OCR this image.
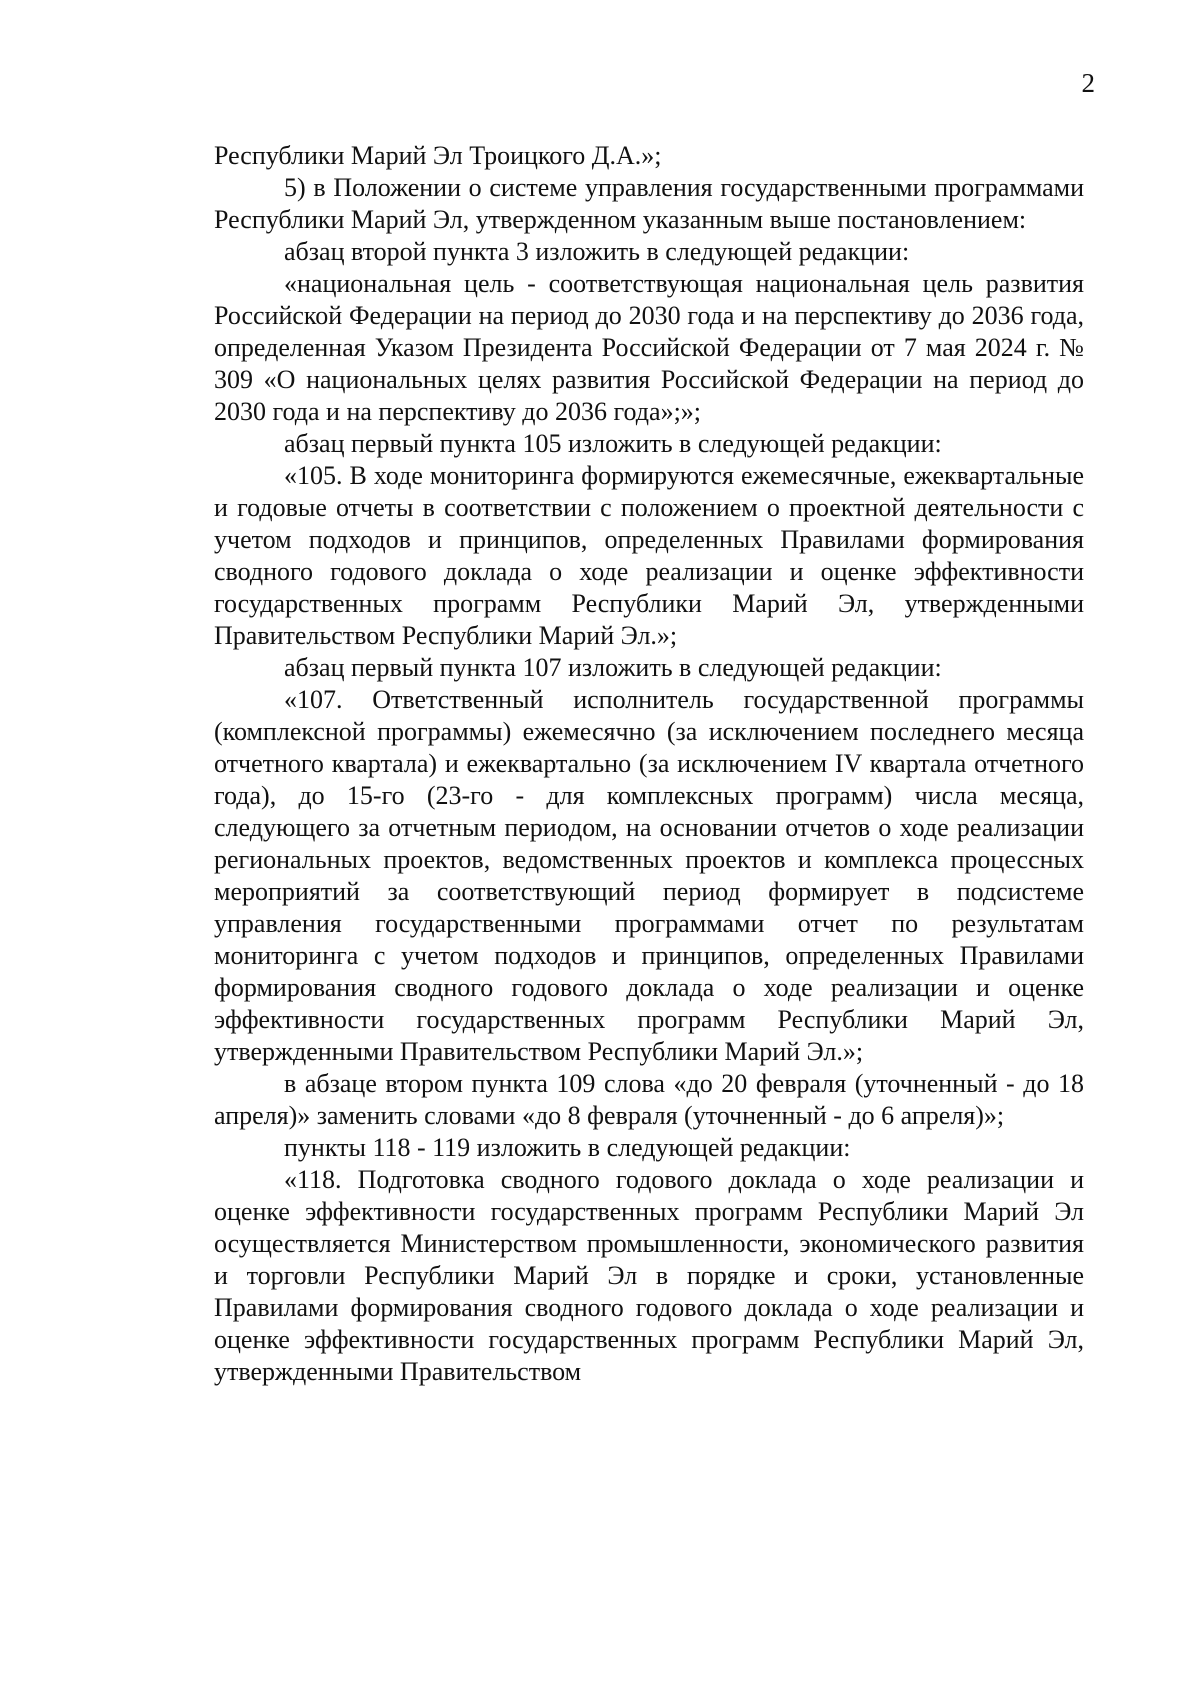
2

Республики Марий Эл Троицкого Д.А.»;

5) в Положении о системе управления государственными программами Республики Марий Эл, утвержденном указанным выше постановлением:

абзац второй пункта 3 изложить в следующей редакции:

«национальная цель - соответствующая национальная цель развития Российской Федерации на период до 2030 года и на перспективу до 2036 года, определенная Указом Президента Российской Федерации от 7 мая 2024 г. № 309 «О национальных целях развития Российской Федерации на период до 2030 года и на перспективу до 2036 года»;»;

абзац первый пункта 105 изложить в следующей редакции:

«105. В ходе мониторинга формируются ежемесячные, ежеквартальные и годовые отчеты в соответствии с положением о проектной деятельности с учетом подходов и принципов, определенных Правилами формирования сводного годового доклада о ходе реализации и оценке эффективности государственных программ Республики Марий Эл, утвержденными Правительством Республики Марий Эл.»;

абзац первый пункта 107 изложить в следующей редакции:

«107. Ответственный исполнитель государственной программы (комплексной программы) ежемесячно (за исключением последнего месяца отчетного квартала) и ежеквартально (за исключением IV квартала отчетного года), до 15-го (23-го - для комплексных программ) числа месяца, следующего за отчетным периодом, на основании отчетов о ходе реализации региональных проектов, ведомственных проектов и комплекса процессных мероприятий за соответствующий период формирует в подсистеме управления государственными программами отчет по результатам мониторинга с учетом подходов и принципов, определенных Правилами формирования сводного годового доклада о ходе реализации и оценке эффективности государственных программ Республики Марий Эл, утвержденными Правительством Республики Марий Эл.»;

в абзаце втором пункта 109 слова «до 20 февраля (уточненный - до 18 апреля)» заменить словами «до 8 февраля (уточненный - до 6 апреля)»;

пункты 118 - 119 изложить в следующей редакции:

«118. Подготовка сводного годового доклада о ходе реализации и оценке эффективности государственных программ Республики Марий Эл осуществляется Министерством промышленности, экономического развития и торговли Республики Марий Эл в порядке и сроки, установленные Правилами формирования сводного годового доклада о ходе реализации и оценке эффективности государственных программ Республики Марий Эл, утвержденными Правительством
